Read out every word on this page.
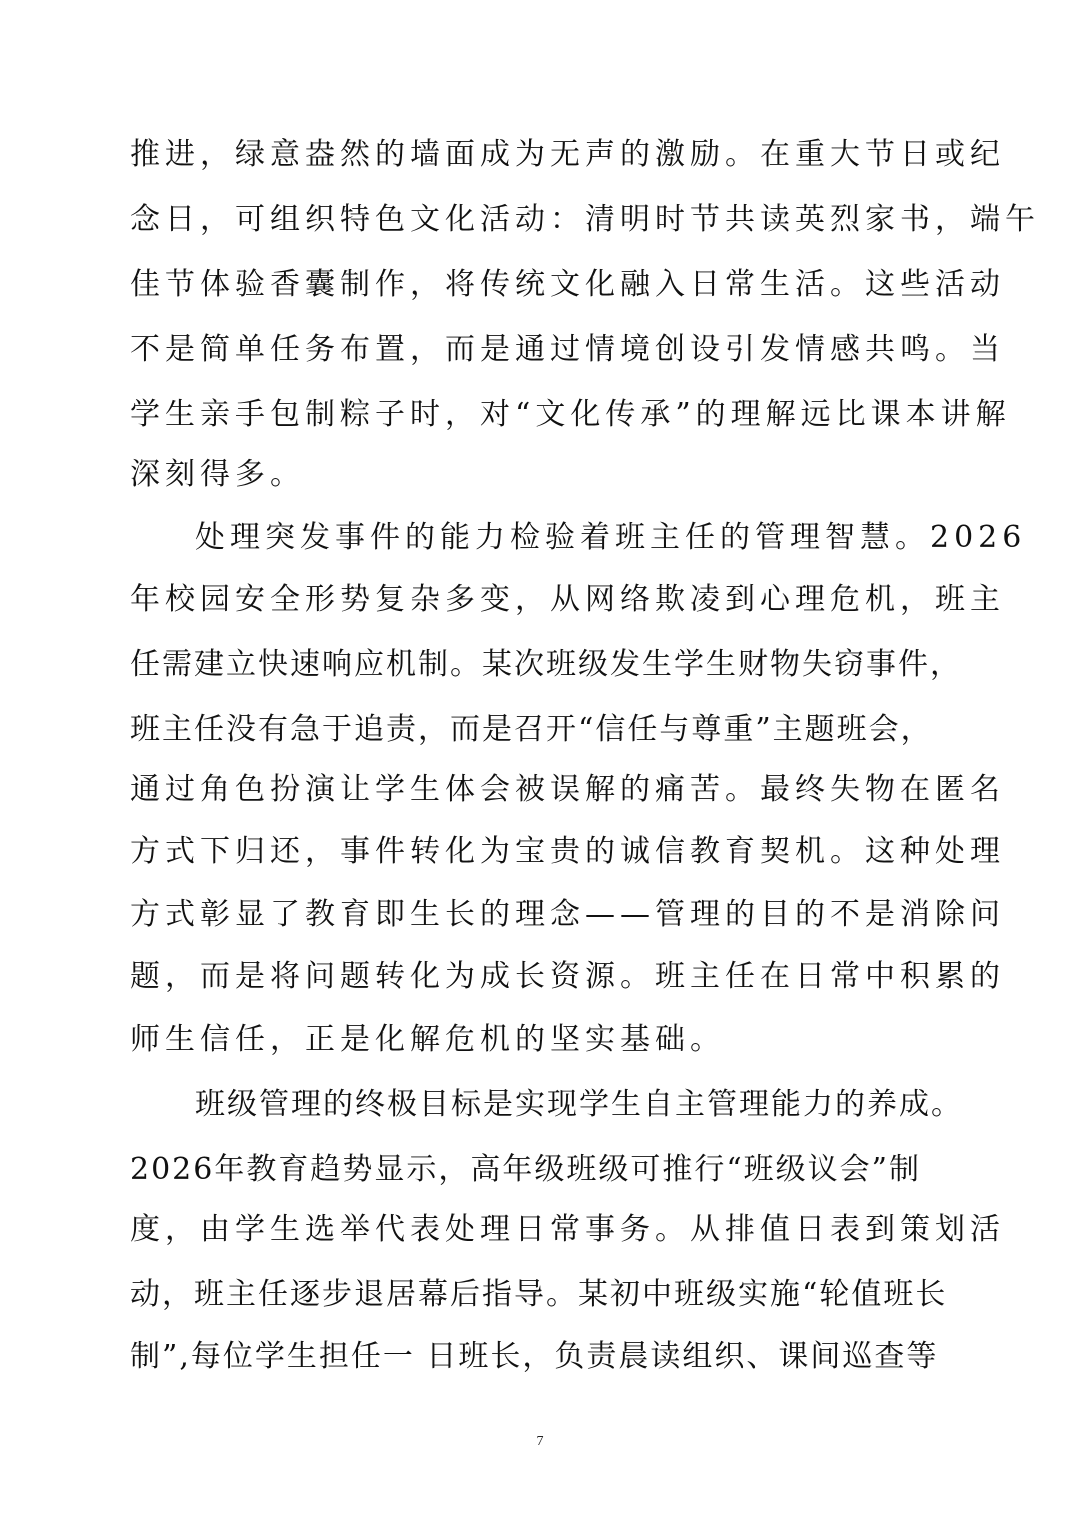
推进，绿意盎然的墙面成为无声的激励。在重大节日或纪
念日，可组织特色文化活动：清明时节共读英烈家书，端午
佳节体验香囊制作，将传统文化融入日常生活。这些活动
不是简单任务布置，而是通过情境创设引发情感共鸣。当
学生亲手包制粽子时，对“文化传承”的理解远比课本讲解
深刻得多。
处理突发事件的能力检验着班主任的管理智慧。2026
年校园安全形势复杂多变，从网络欺凌到心理危机，班主
任需建立快速响应机制。某次班级发生学生财物失窃事件，
班主任没有急于追责，而是召开“信任与尊重”主题班会，
通过角色扮演让学生体会被误解的痛苦。最终失物在匿名
方式下归还，事件转化为宝贵的诚信教育契机。这种处理
方式彰显了教育即生长的理念——管理的目的不是消除问
题，而是将问题转化为成长资源。班主任在日常中积累的
师生信任，正是化解危机的坚实基础。
班级管理的终极目标是实现学生自主管理能力的养成。
2026年教育趋势显示，高年级班级可推行“班级议会”制
度，由学生选举代表处理日常事务。从排值日表到策划活
动，班主任逐步退居幕后指导。某初中班级实施“轮值班长
制”,每位学生担任一 日班长，负责晨读组织、课间巡查等
7
